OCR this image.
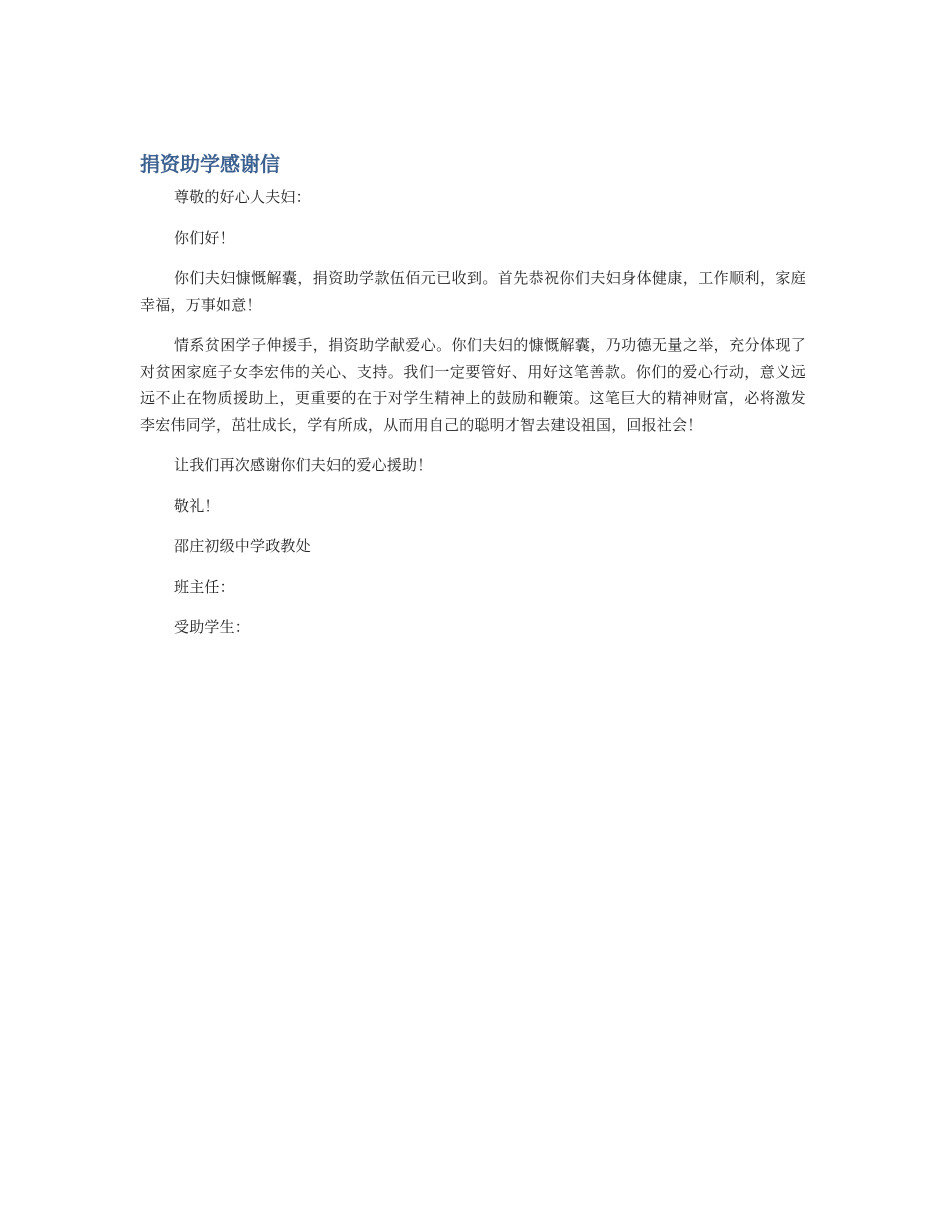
捐资助学感谢信

尊敬的好心人夫妇：

你们好！

你们夫妇慷慨解囊，捐资助学款伍佰元已收到。首先恭祝你们夫妇身体健康，工作顺利，家庭幸福，万事如意！

情系贫困学子伸援手，捐资助学献爱心。你们夫妇的慷慨解囊，乃功德无量之举，充分体现了对贫困家庭子女李宏伟的关心、支持。我们一定要管好、用好这笔善款。你们的爱心行动，意义远远不止在物质援助上，更重要的在于对学生精神上的鼓励和鞭策。这笔巨大的精神财富，必将激发李宏伟同学，茁壮成长，学有所成，从而用自己的聪明才智去建设祖国，回报社会！

让我们再次感谢你们夫妇的爱心援助！

敬礼！

邵庄初级中学政教处

班主任：

受助学生：
